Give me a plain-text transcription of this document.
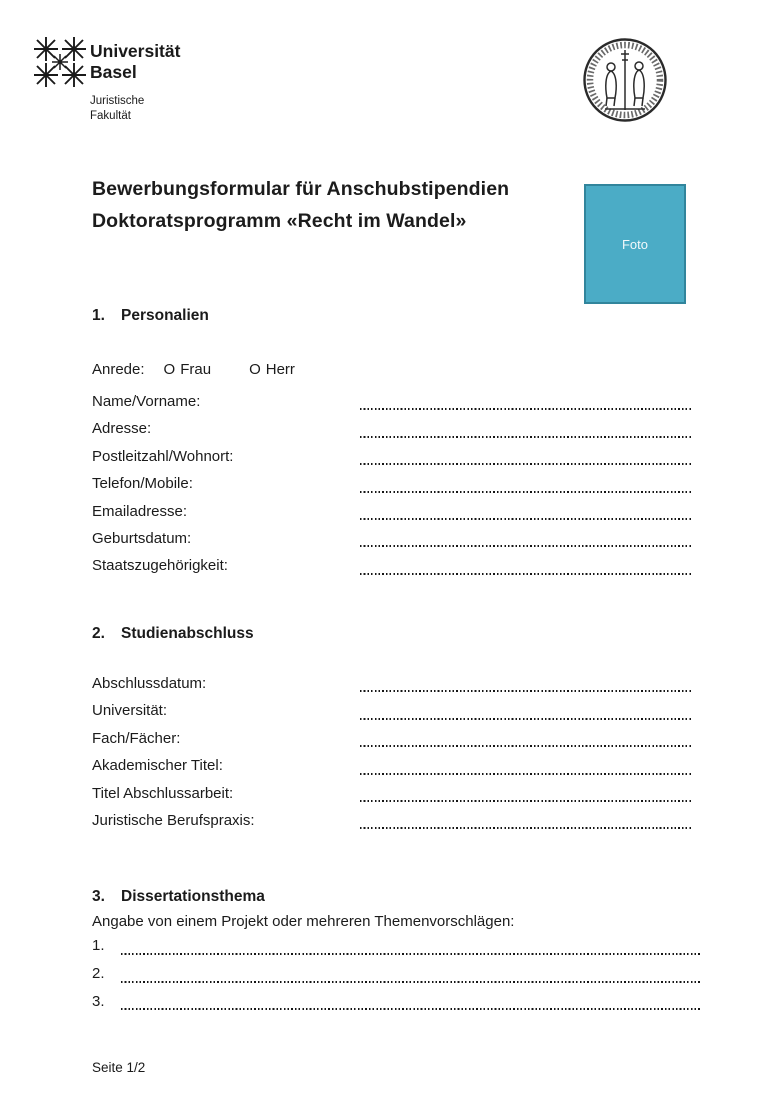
Universität
Basel
Juristische
Fakultät
Bewerbungsformular für Anschubstipendien
Doktoratsprogramm «Recht im Wandel»
Foto
1. Personalien
Anrede: O Frau	O Herr
Name/Vorname:
Adresse:
Postleitzahl/Wohnort:
Telefon/Mobile:
Emailadresse:
Geburtsdatum:
Staatszugehörigkeit:
2. Studienabschluss
Abschlussdatum:
Universität:
Fach/Fächer:
Akademischer Titel:
Titel Abschlussarbeit:
Juristische Berufspraxis:
3. Dissertationsthema
Angabe von einem Projekt oder mehreren Themenvorschlägen:
1.
2.
3.
Seite 1/2
